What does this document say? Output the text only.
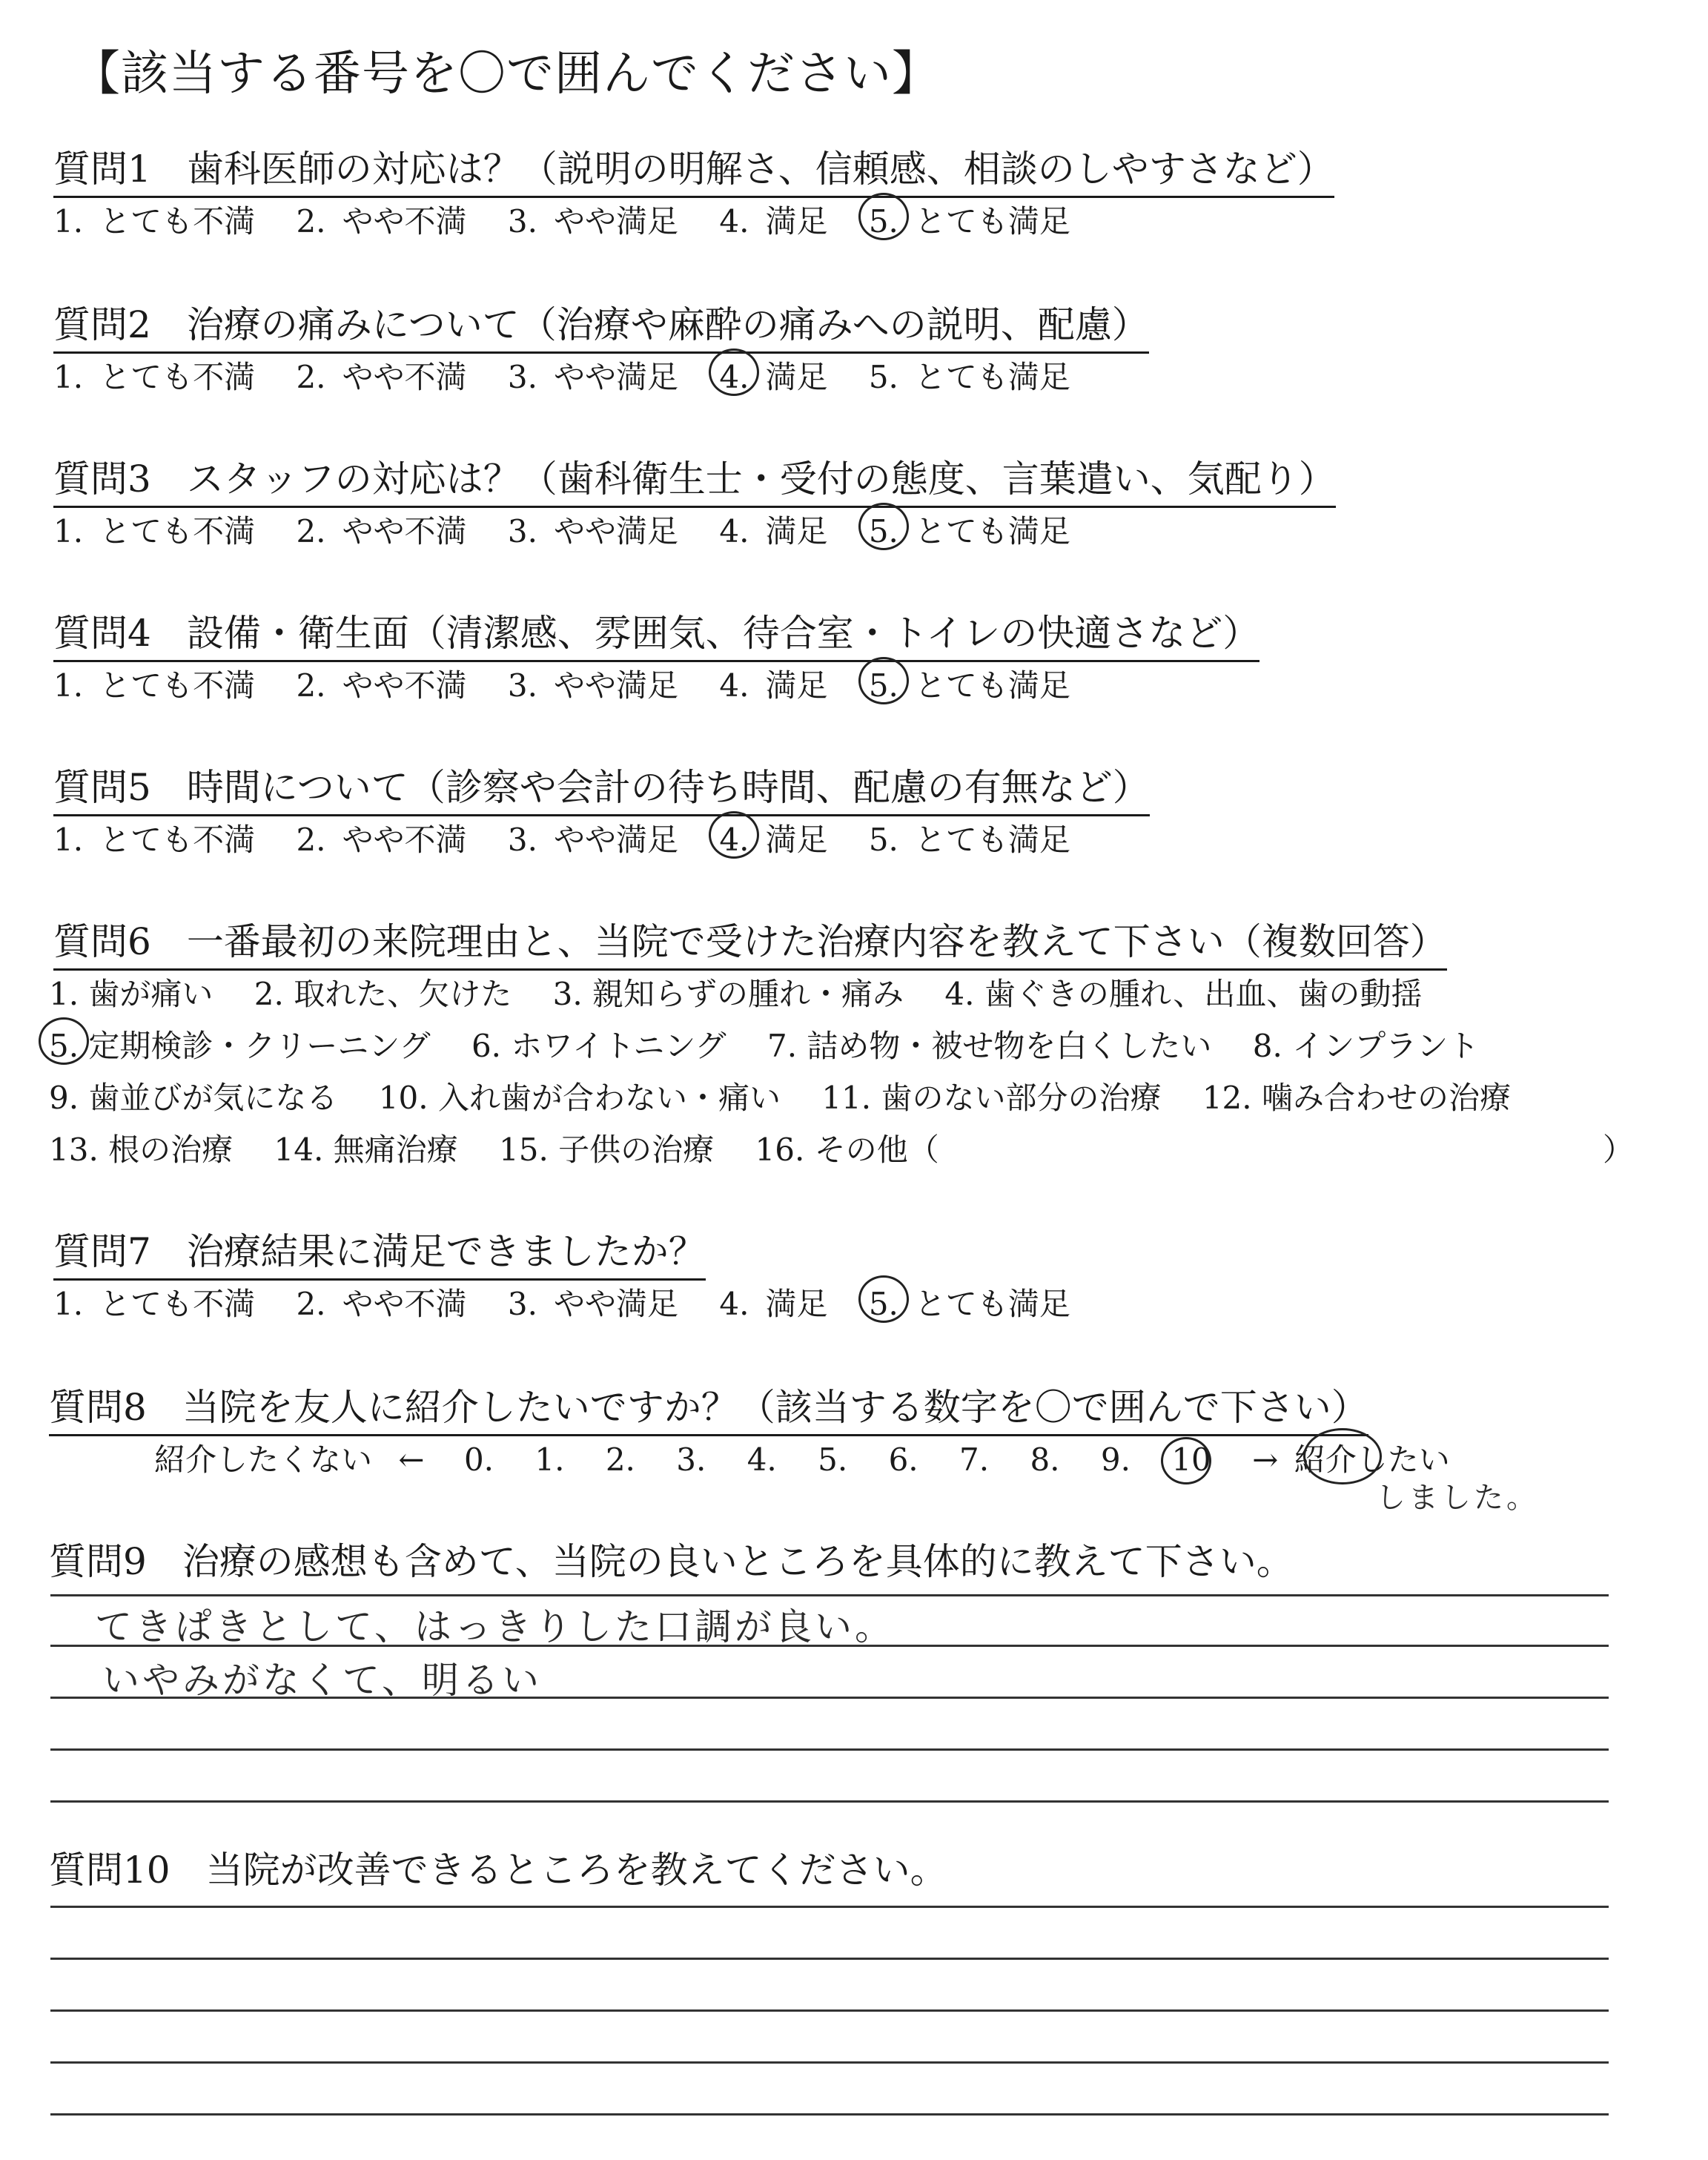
【該当する番号を〇で囲んでください】
質問1 歯科医師の対応は？（説明の明解さ、信頼感、相談のしやすさなど）
1. とても不満 2. やや不満 3. やや満足 4. 満足 5. とても満足
質問2 治療の痛みについて（治療や麻酔の痛みへの説明、配慮）
1. とても不満 2. やや不満 3. やや満足 4. 満足 5. とても満足
質問3 スタッフの対応は？（歯科衛生士・受付の態度、言葉遣い、気配り）
1. とても不満 2. やや不満 3. やや満足 4. 満足 5. とても満足
質問4 設備・衛生面（清潔感、雰囲気、待合室・トイレの快適さなど）
1. とても不満 2. やや不満 3. やや満足 4. 満足 5. とても満足
質問5 時間について（診察や会計の待ち時間、配慮の有無など）
1. とても不満 2. やや不満 3. やや満足 4. 満足 5. とても満足
質問6 一番最初の来院理由と、当院で受けた治療内容を教えて下さい（複数回答）
1. 歯が痛い 2. 取れた、欠けた 3. 親知らずの腫れ・痛み 4. 歯ぐきの腫れ、出血、歯の動揺
5. 定期検診・クリーニング 6. ホワイトニング 7. 詰め物・被せ物を白くしたい 8. インプラント
9. 歯並びが気になる 10. 入れ歯が合わない・痛い 11. 歯のない部分の治療 12. 噛み合わせの治療
13. 根の治療 14. 無痛治療 15. 子供の治療 16. その他（	）
質問7 治療結果に満足できましたか？
1. とても不満 2. やや不満 3. やや満足 4. 満足 5. とても満足
質問8 当院を友人に紹介したいですか？（該当する数字を〇で囲んで下さい）
紹介したくない ← 0. 1. 2. 3. 4. 5. 6. 7. 8. 9. 10 → 紹介したい
しました。
質問9 治療の感想も含めて、当院の良いところを具体的に教えて下さい。
てきぱきとして、はっきりした口調が良い。
いやみがなくて、明るい
質問10 当院が改善できるところを教えてください。
